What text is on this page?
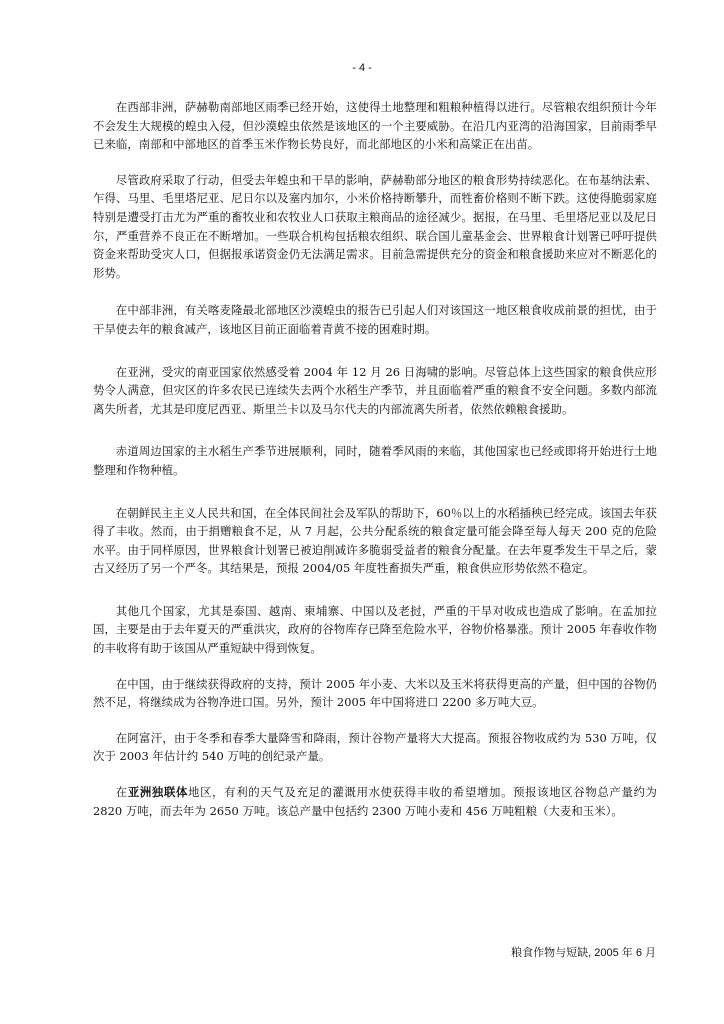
- 4 -

在西部非洲，萨赫勒南部地区雨季已经开始，这使得土地整理和粗粮种植得以进行。尽管粮农组织预计今年不会发生大规模的蝗虫入侵，但沙漠蝗虫依然是该地区的一个主要威胁。在沿几内亚湾的沿海国家，目前雨季早已来临，南部和中部地区的首季玉米作物长势良好，而北部地区的小米和高粱正在出苗。

尽管政府采取了行动，但受去年蝗虫和干旱的影响，萨赫勒部分地区的粮食形势持续恶化。在布基纳法索、乍得、马里、毛里塔尼亚、尼日尔以及塞内加尔，小米价格持断攀升，而牲畜价格则不断下跌。这使得脆弱家庭特别是遭受打击尤为严重的畜牧业和农牧业人口获取主粮商品的途径减少。据报，在马里、毛里塔尼亚以及尼日尔，严重营养不良正在不断增加。一些联合机构包括粮农组织、联合国儿童基金会、世界粮食计划署已呼吁提供资金来帮助受灾人口，但据报承诺资金仍无法满足需求。目前急需提供充分的资金和粮食援助来应对不断恶化的形势。

在中部非洲，有关喀麦隆最北部地区沙漠蝗虫的报告已引起人们对该国这一地区粮食收成前景的担忧，由于干旱使去年的粮食减产，该地区目前正面临着青黄不接的困难时期。

在亚洲，受灾的南亚国家依然感受着 2004 年 12 月 26 日海啸的影响。尽管总体上这些国家的粮食供应形势令人满意，但灾区的许多农民已连续失去两个水稻生产季节，并且面临着严重的粮食不安全问题。多数内部流离失所者，尤其是印度尼西亚、斯里兰卡以及马尔代夫的内部流离失所者，依然依赖粮食援助。

赤道周边国家的主水稻生产季节进展顺利，同时，随着季风雨的来临，其他国家也已经或即将开始进行土地整理和作物种植。

在朝鲜民主主义人民共和国，在全体民间社会及军队的帮助下，60％以上的水稻插秧已经完成。该国去年获得了丰收。然而，由于捐赠粮食不足，从 7 月起，公共分配系统的粮食定量可能会降至每人每天 200 克的危险水平。由于同样原因，世界粮食计划署已被迫削减许多脆弱受益者的粮食分配量。在去年夏季发生干旱之后，蒙古又经历了另一个严冬。其结果是，预报 2004/05 年度牲畜损失严重，粮食供应形势依然不稳定。

其他几个国家，尤其是泰国、越南、柬埔寨、中国以及老挝，严重的干旱对收成也造成了影响。在孟加拉国，主要是由于去年夏天的严重洪灾，政府的谷物库存已降至危险水平，谷物价格暴涨。预计 2005 年春收作物的丰收将有助于该国从严重短缺中得到恢复。

在中国，由于继续获得政府的支持，预计 2005 年小麦、大米以及玉米将获得更高的产量，但中国的谷物仍然不足，将继续成为谷物净进口国。另外，预计 2005 年中国将进口 2200 多万吨大豆。

在阿富汗，由于冬季和春季大量降雪和降雨，预计谷物产量将大大提高。预报谷物收成约为 530 万吨，仅次于 2003 年估计约 540 万吨的创纪录产量。

在亚洲独联体地区，有利的天气及充足的灌溉用水使获得丰收的希望增加。预报该地区谷物总产量约为 2820 万吨，而去年为 2650 万吨。该总产量中包括约 2300 万吨小麦和 456 万吨粗粮（大麦和玉米）。

粮食作物与短缺, 2005 年 6 月
